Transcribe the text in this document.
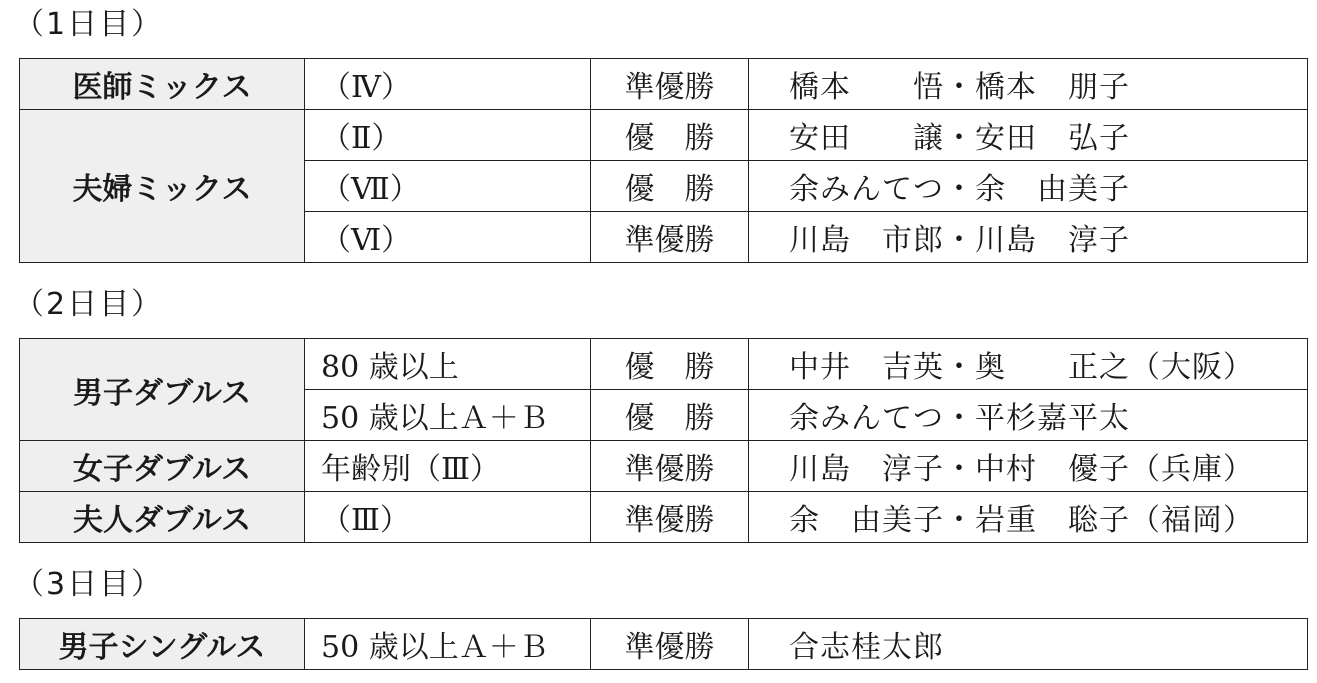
（1日目）
医師ミックス	（Ⅳ）	準優勝	橋本　　悟・橋本　朋子
夫婦ミックス	（Ⅱ）	優　勝	安田　　譲・安田　弘子
	（Ⅶ）	優　勝	余みんてつ・余　由美子
	（Ⅵ）	準優勝	川島　市郎・川島　淳子
（2日目）
男子ダブルス	80 歳以上	優　勝	中井　吉英・奥　　正之（大阪）
	50 歳以上Ａ＋Ｂ	優　勝	余みんてつ・平杉嘉平太
女子ダブルス	年齢別（Ⅲ）	準優勝	川島　淳子・中村　優子（兵庫）
夫人ダブルス	（Ⅲ）	準優勝	余　由美子・岩重　聡子（福岡）
（3日目）
男子シングルス	50 歳以上Ａ＋Ｂ	準優勝	合志桂太郎
